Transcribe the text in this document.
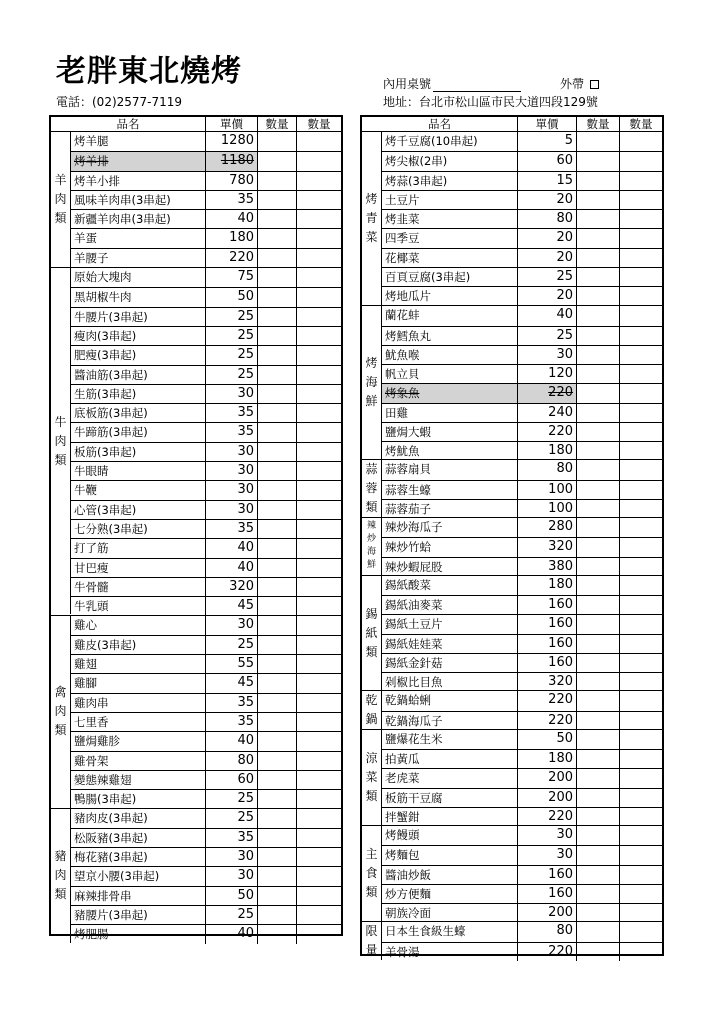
老胖東北燒烤
電話：(02)2577-7119
內用桌號	外帶
地址：台北市松山區市民大道四段129號
品名	單價	數量	數量
羊
肉
類
烤羊腿	1280
烤羊排	1180
烤羊小排	780
風味羊肉串(3串起)	35
新疆羊肉串(3串起)	40
羊蛋	180
羊腰子	220
牛
肉
類
原始大塊肉	75
黑胡椒牛肉	50
牛腰片(3串起)	25
瘦肉(3串起)	25
肥瘦(3串起)	25
醬油筋(3串起)	25
生筋(3串起)	30
底板筋(3串起)	35
牛蹄筋(3串起)	35
板筋(3串起)	30
牛眼睛	30
牛鞭	30
心管(3串起)	30
七分熟(3串起)	35
打了筋	40
甘巴瘦	40
牛骨髓	320
牛乳頭	45
禽
肉
類
雞心	30
雞皮(3串起)	25
雞翅	55
雞腳	45
雞肉串	35
七里香	35
鹽焗雞胗	40
雞骨架	80
變態辣雞翅	60
鴨腸(3串起)	25
豬
肉
類
豬肉皮(3串起)	25
松阪豬(3串起)	35
梅花豬(3串起)	30
望京小腰(3串起)	30
麻辣排骨串	50
豬腰片(3串起)	25
烤肥腸	40
品名	單價	數量	數量
烤
青
菜
烤千豆腐(10串起)	5
烤尖椒(2串)	60
烤蒜(3串起)	15
土豆片	20
烤韭菜	80
四季豆	20
花椰菜	20
百頁豆腐(3串起)	25
烤地瓜片	20
烤
海
鮮
蘭花蚌	40
烤鱈魚丸	25
魷魚喉	30
帆立貝	120
烤象魚	220
田雞	240
鹽焗大蝦	220
烤魷魚	180
蒜
蓉
類
蒜蓉扇貝	80
蒜蓉生蠔	100
蒜蓉茄子	100
辣
炒
海
鮮
辣炒海瓜子	280
辣炒竹蛤	320
辣炒蝦屁股	380
錫
紙
類
錫紙酸菜	180
錫紙油麥菜	160
錫紙土豆片	160
錫紙娃娃菜	160
錫紙金針菇	160
剁椒比目魚	320
乾
鍋
乾鍋蛤蜊	220
乾鍋海瓜子	220
涼
菜
類
鹽爆花生米	50
拍黃瓜	180
老虎菜	200
板筋干豆腐	200
拌蟹鉗	220
主
食
類
烤饅頭	30
烤麵包	30
醬油炒飯	160
炒方便麵	160
朝族冷面	200
限
量
日本生食級生蠔	80
羊骨湯	220
